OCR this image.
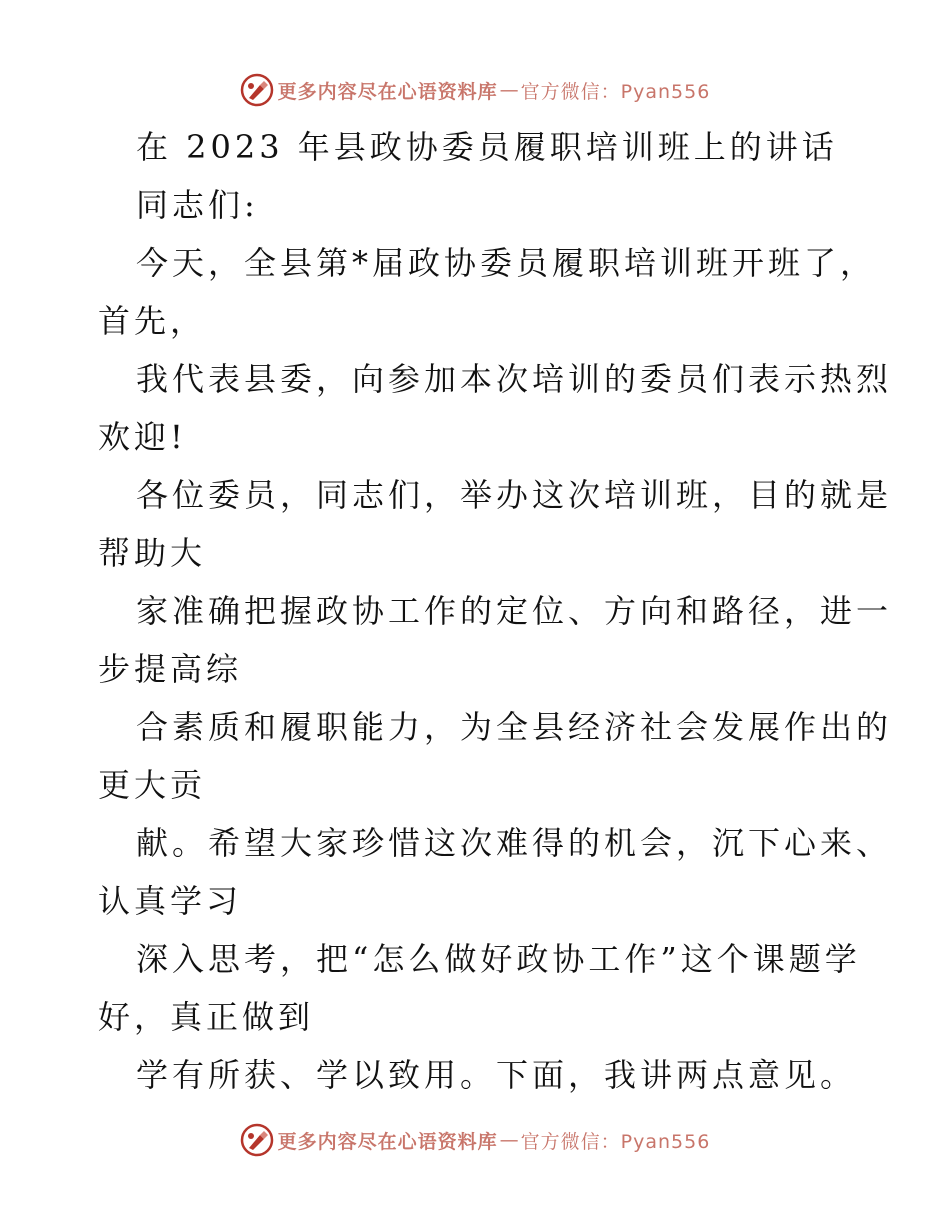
更多内容尽在心语资料库 — 官方微信：Pyan556
在 2023 年县政协委员履职培训班上的讲话
同志们:
今天，全县第*届政协委员履职培训班开班了，
首先，
我代表县委，向参加本次培训的委员们表示热烈
欢迎!
各位委员，同志们，举办这次培训班，目的就是
帮助大
家准确把握政协工作的定位、方向和路径，进一
步提高综
合素质和履职能力，为全县经济社会发展作出的
更大贡
献。希望大家珍惜这次难得的机会，沉下心来、
认真学习
深入思考，把“怎么做好政协工作”这个课题学
好，真正做到
学有所获、学以致用。下面，我讲两点意见。
更多内容尽在心语资料库 — 官方微信：Pyan556
